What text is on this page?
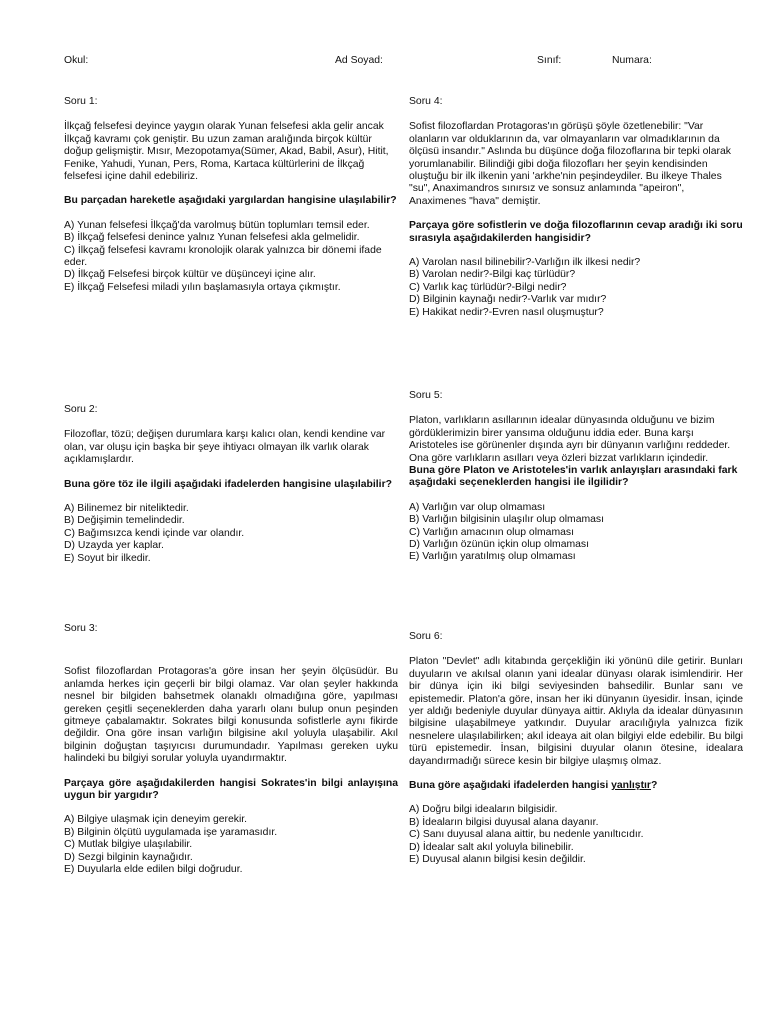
Okul:	Ad Soyad:	Sınıf:	Numara:

Soru 1:

İlkçağ felsefesi deyince yaygın olarak Yunan felsefesi akla gelir ancak İlkçağ kavramı çok geniştir. Bu uzun zaman aralığında birçok kültür doğup gelişmiştir. Mısır, Mezopotamya(Sümer, Akad, Babil, Asur), Hitit, Fenike, Yahudi, Yunan, Pers, Roma, Kartaca kültürlerini de İlkçağ felsefesi içine dahil edebiliriz.

Bu parçadan hareketle aşağıdaki yargılardan hangisine ulaşılabilir?

A) Yunan felsefesi İlkçağ'da varolmuş bütün toplumları temsil eder.
B) İlkçağ felsefesi denince yalnız Yunan felsefesi akla gelmelidir.
C) İlkçağ felsefesi kavramı kronolojik olarak yalnızca bir dönemi ifade eder.
D) İlkçağ Felsefesi birçok kültür ve düşünceyi içine alır.
E) İlkçağ Felsefesi miladi yılın başlamasıyla ortaya çıkmıştır.

Soru 2:

Filozoflar, tözü; değişen durumlara karşı kalıcı olan, kendi kendine var olan, var oluşu için başka bir şeye ihtiyacı olmayan ilk varlık olarak açıklamışlardır.

Buna göre töz ile ilgili aşağıdaki ifadelerden hangisine ulaşılabilir?

A) Bilinemez bir niteliktedir.
B) Değişimin temelindedir.
C) Bağımsızca kendi içinde var olandır.
D) Uzayda yer kaplar.
E) Soyut bir ilkedir.

Soru 3:

Sofist filozoflardan Protagoras'a göre insan her şeyin ölçüsüdür. Bu anlamda herkes için geçerli bir bilgi olamaz. Var olan şeyler hakkında nesnel bir bilgiden bahsetmek olanaklı olmadığına göre, yapılması gereken çeşitli seçeneklerden daha yararlı olanı bulup onun peşinden gitmeye çabalamaktır. Sokrates bilgi konusunda sofistlerle aynı fikirde değildir. Ona göre insan varlığın bilgisine akıl yoluyla ulaşabilir. Akıl bilginin doğuştan taşıyıcısı durumundadır. Yapılması gereken uyku halindeki bu bilgiyi sorular yoluyla uyandırmaktır.

Parçaya göre aşağıdakilerden hangisi Sokrates'in bilgi anlayışına uygun bir yargıdır?

A) Bilgiye ulaşmak için deneyim gerekir.
B) Bilginin ölçütü uygulamada işe yaramasıdır.
C) Mutlak bilgiye ulaşılabilir.
D) Sezgi bilginin kaynağıdır.
E) Duyularla elde edilen bilgi doğrudur.

Soru 4:

Sofist filozoflardan Protagoras'ın görüşü şöyle özetlenebilir: "Var olanların var olduklarının da, var olmayanların var olmadıklarının da ölçüsü insandır." Aslında bu düşünce doğa filozoflarına bir tepki olarak yorumlanabilir. Bilindiği gibi doğa filozofları her şeyin kendisinden oluştuğu bir ilk ilkenin yani 'arkhe'nin peşindeydiler. Bu ilkeye Thales "su", Anaximandros sınırsız ve sonsuz anlamında "apeiron", Anaximenes "hava" demiştir.

Parçaya göre sofistlerin ve doğa filozoflarının cevap aradığı iki soru sırasıyla aşağıdakilerden hangisidir?

A) Varolan nasıl bilinebilir?-Varlığın ilk ilkesi nedir?
B) Varolan nedir?-Bilgi kaç türlüdür?
C) Varlık kaç türlüdür?-Bilgi nedir?
D) Bilginin kaynağı nedir?-Varlık var mıdır?
E) Hakikat nedir?-Evren nasıl oluşmuştur?

Soru 5:

Platon, varlıkların asıllarının idealar dünyasında olduğunu ve bizim gördüklerimizin birer yansıma olduğunu iddia eder. Buna karşı Aristoteles ise görünenler dışında ayrı bir dünyanın varlığını reddeder. Ona göre varlıkların asılları veya özleri bizzat varlıkların içindedir.

Buna göre Platon ve Aristoteles'in varlık anlayışları arasındaki fark aşağıdaki seçeneklerden hangisi ile ilgilidir?

A) Varlığın var olup olmaması
B) Varlığın bilgisinin ulaşılır olup olmaması
C) Varlığın amacının olup olmaması
D) Varlığın özünün içkin olup olmaması
E) Varlığın yaratılmış olup olmaması

Soru 6:

Platon "Devlet" adlı kitabında gerçekliğin iki yönünü dile getirir. Bunları duyuların ve akılsal olanın yani idealar dünyası olarak isimlendirir. Her bir dünya için iki bilgi seviyesinden bahsedilir. Bunlar sanı ve epistemedir. Platon'a göre, insan her iki dünyanın üyesidir. İnsan, içinde yer aldığı bedeniyle duyular dünyaya aittir. Aklıyla da idealar dünyasının bilgisine ulaşabilmeye yatkındır. Duyular aracılığıyla yalnızca fizik nesnelere ulaşılabilirken; akıl ideaya ait olan bilgiyi elde edebilir. Bu bilgi türü epistemedir. İnsan, bilgisini duyular olanın ötesine, idealara dayandırmadığı sürece kesin bir bilgiye ulaşmış olmaz.

Buna göre aşağıdaki ifadelerden hangisi yanlıştır?

A) Doğru bilgi ideaların bilgisidir.
B) İdeaların bilgisi duyusal alana dayanır.
C) Sanı duyusal alana aittir, bu nedenle yanıltıcıdır.
D) İdealar salt akıl yoluyla bilinebilir.
E) Duyusal alanın bilgisi kesin değildir.
